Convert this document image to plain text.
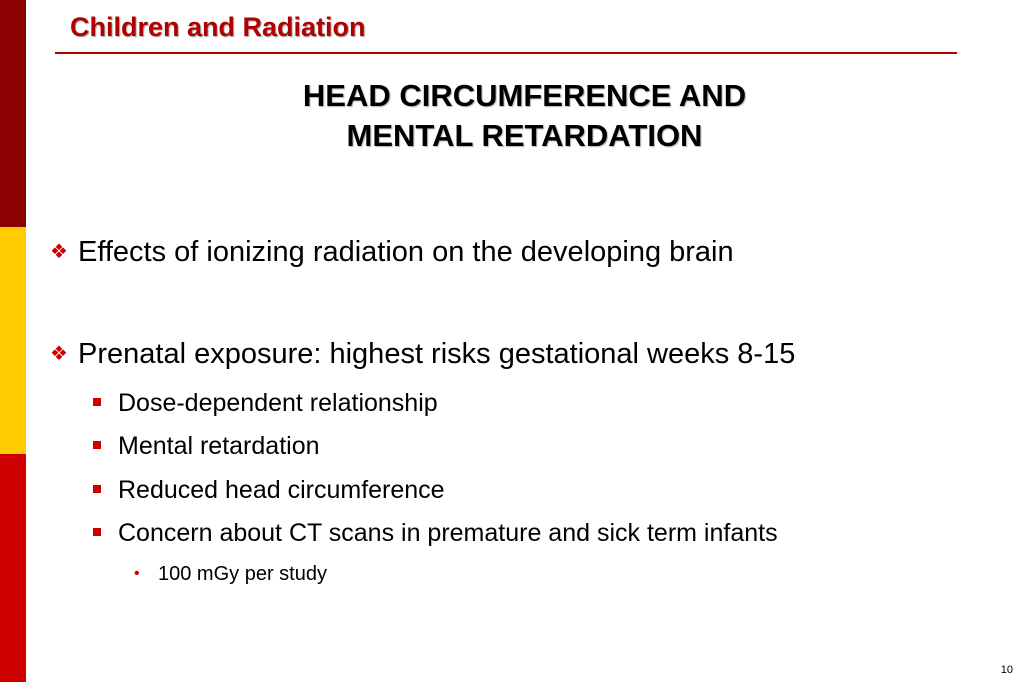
Children and Radiation
HEAD CIRCUMFERENCE AND
MENTAL RETARDATION
❖ Effects of ionizing radiation on the developing brain
❖ Prenatal exposure: highest risks gestational weeks 8-15
Dose-dependent relationship
Mental retardation
Reduced head circumference
Concern about CT scans in premature and sick term infants
• 100 mGy per study
10
